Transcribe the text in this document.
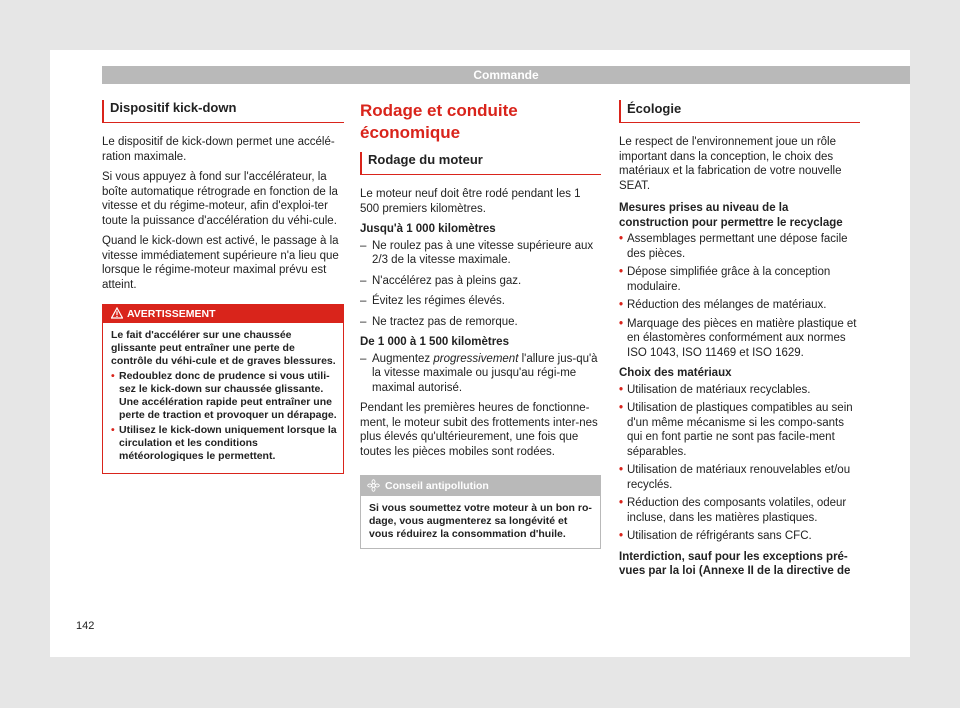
Commande
Dispositif kick-down

Le dispositif de kick-down permet une accélé-ration maximale.

Si vous appuyez à fond sur l'accélérateur, la boîte automatique rétrograde en fonction de la vitesse et du régime-moteur, afin d'exploi-ter toute la puissance d'accélération du véhi-cule.

Quand le kick-down est activé, le passage à la vitesse immédiatement supérieure n'a lieu que lorsque le régime-moteur maximal prévu est atteint.

AVERTISSEMENT

Le fait d'accélérer sur une chaussée glissante peut entraîner une perte de contrôle du véhi-cule et de graves blessures.

• Redoublez donc de prudence si vous utili-sez le kick-down sur chaussée glissante. Une accélération rapide peut entraîner une perte de traction et provoquer un dérapage.
• Utilisez le kick-down uniquement lorsque la circulation et les conditions météorologiques le permettent.
Rodage et conduite économique
Rodage du moteur

Le moteur neuf doit être rodé pendant les 1 500 premiers kilomètres.

Jusqu'à 1 000 kilomètres
– Ne roulez pas à une vitesse supérieure aux 2/3 de la vitesse maximale.
– N'accélérez pas à pleins gaz.
– Évitez les régimes élevés.
– Ne tractez pas de remorque.
De 1 000 à 1 500 kilomètres
– Augmentez progressivement l'allure jus-qu'à la vitesse maximale ou jusqu'au régi-me maximal autorisé.

Pendant les premières heures de fonctionne-ment, le moteur subit des frottements inter-nes plus élevés qu'ultérieurement, une fois que toutes les pièces mobiles sont rodées.

Conseil antipollution
Si vous soumettez votre moteur à un bon ro-dage, vous augmenterez sa longévité et vous réduirez la consommation d'huile.
Écologie

Le respect de l'environnement joue un rôle important dans la conception, le choix des matériaux et la fabrication de votre nouvelle SEAT.

Mesures prises au niveau de la construction pour permettre le recyclage
• Assemblages permettant une dépose facile des pièces.
• Dépose simplifiée grâce à la conception modulaire.
• Réduction des mélanges de matériaux.
• Marquage des pièces en matière plastique et en élastomères conformément aux normes ISO 1043, ISO 11469 et ISO 1629.
Choix des matériaux
• Utilisation de matériaux recyclables.
• Utilisation de plastiques compatibles au sein d'un même mécanisme si les compo-sants qui en font partie ne sont pas facile-ment séparables.
• Utilisation de matériaux renouvelables et/ou recyclés.
• Réduction des composants volatiles, odeur incluse, dans les matières plastiques.
• Utilisation de réfrigérants sans CFC.
Interdiction, sauf pour les exceptions pré-vues par la loi (Annexe II de la directive de
142
